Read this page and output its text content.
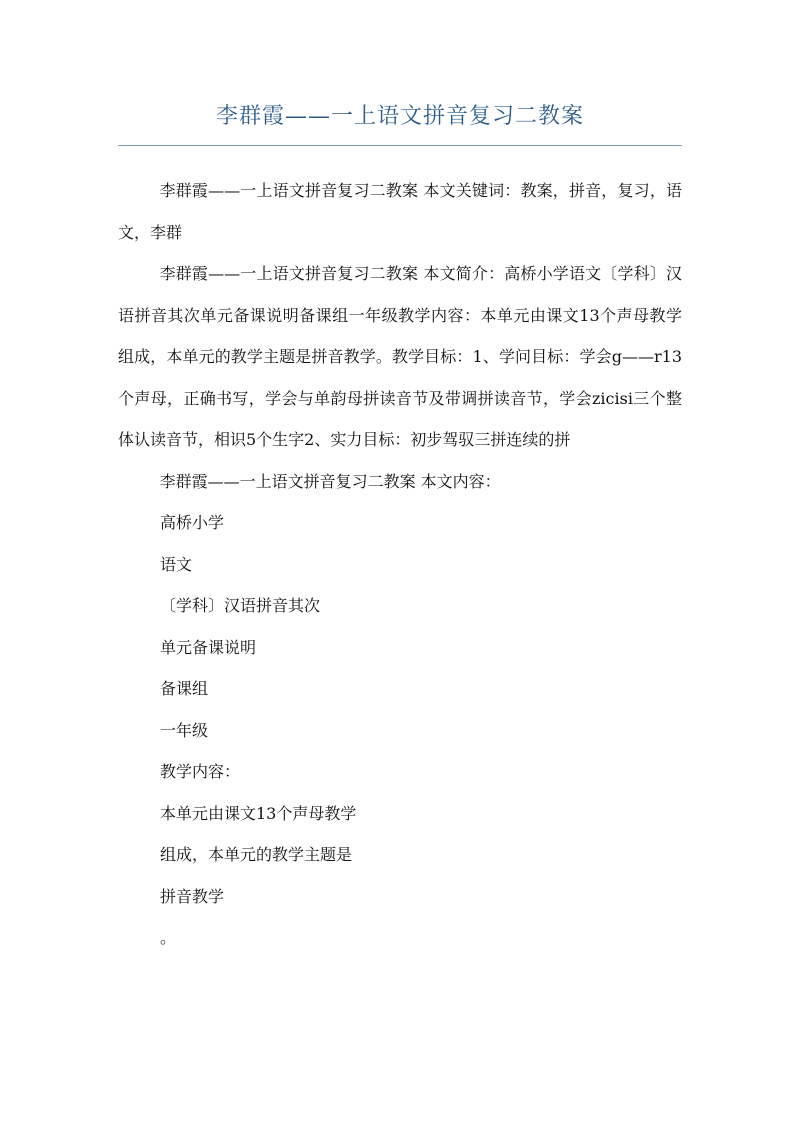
李群霞——一上语文拼音复习二教案

李群霞——一上语文拼音复习二教案 本文关键词：教案，拼音，复习，语文，李群

李群霞——一上语文拼音复习二教案 本文简介：高桥小学语文〔学科〕汉语拼音其次单元备课说明备课组一年级教学内容：本单元由课文13个声母教学组成，本单元的教学主题是拼音教学。教学目标：1、学问目标：学会g——r13个声母，正确书写，学会与单韵母拼读音节及带调拼读音节，学会zicisi三个整体认读音节，相识5个生字2、实力目标：初步驾驭三拼连续的拼

李群霞——一上语文拼音复习二教案 本文内容：

高桥小学

语文

〔学科〕汉语拼音其次

单元备课说明

备课组

一年级

教学内容：

本单元由课文13个声母教学

组成，本单元的教学主题是

拼音教学

。
